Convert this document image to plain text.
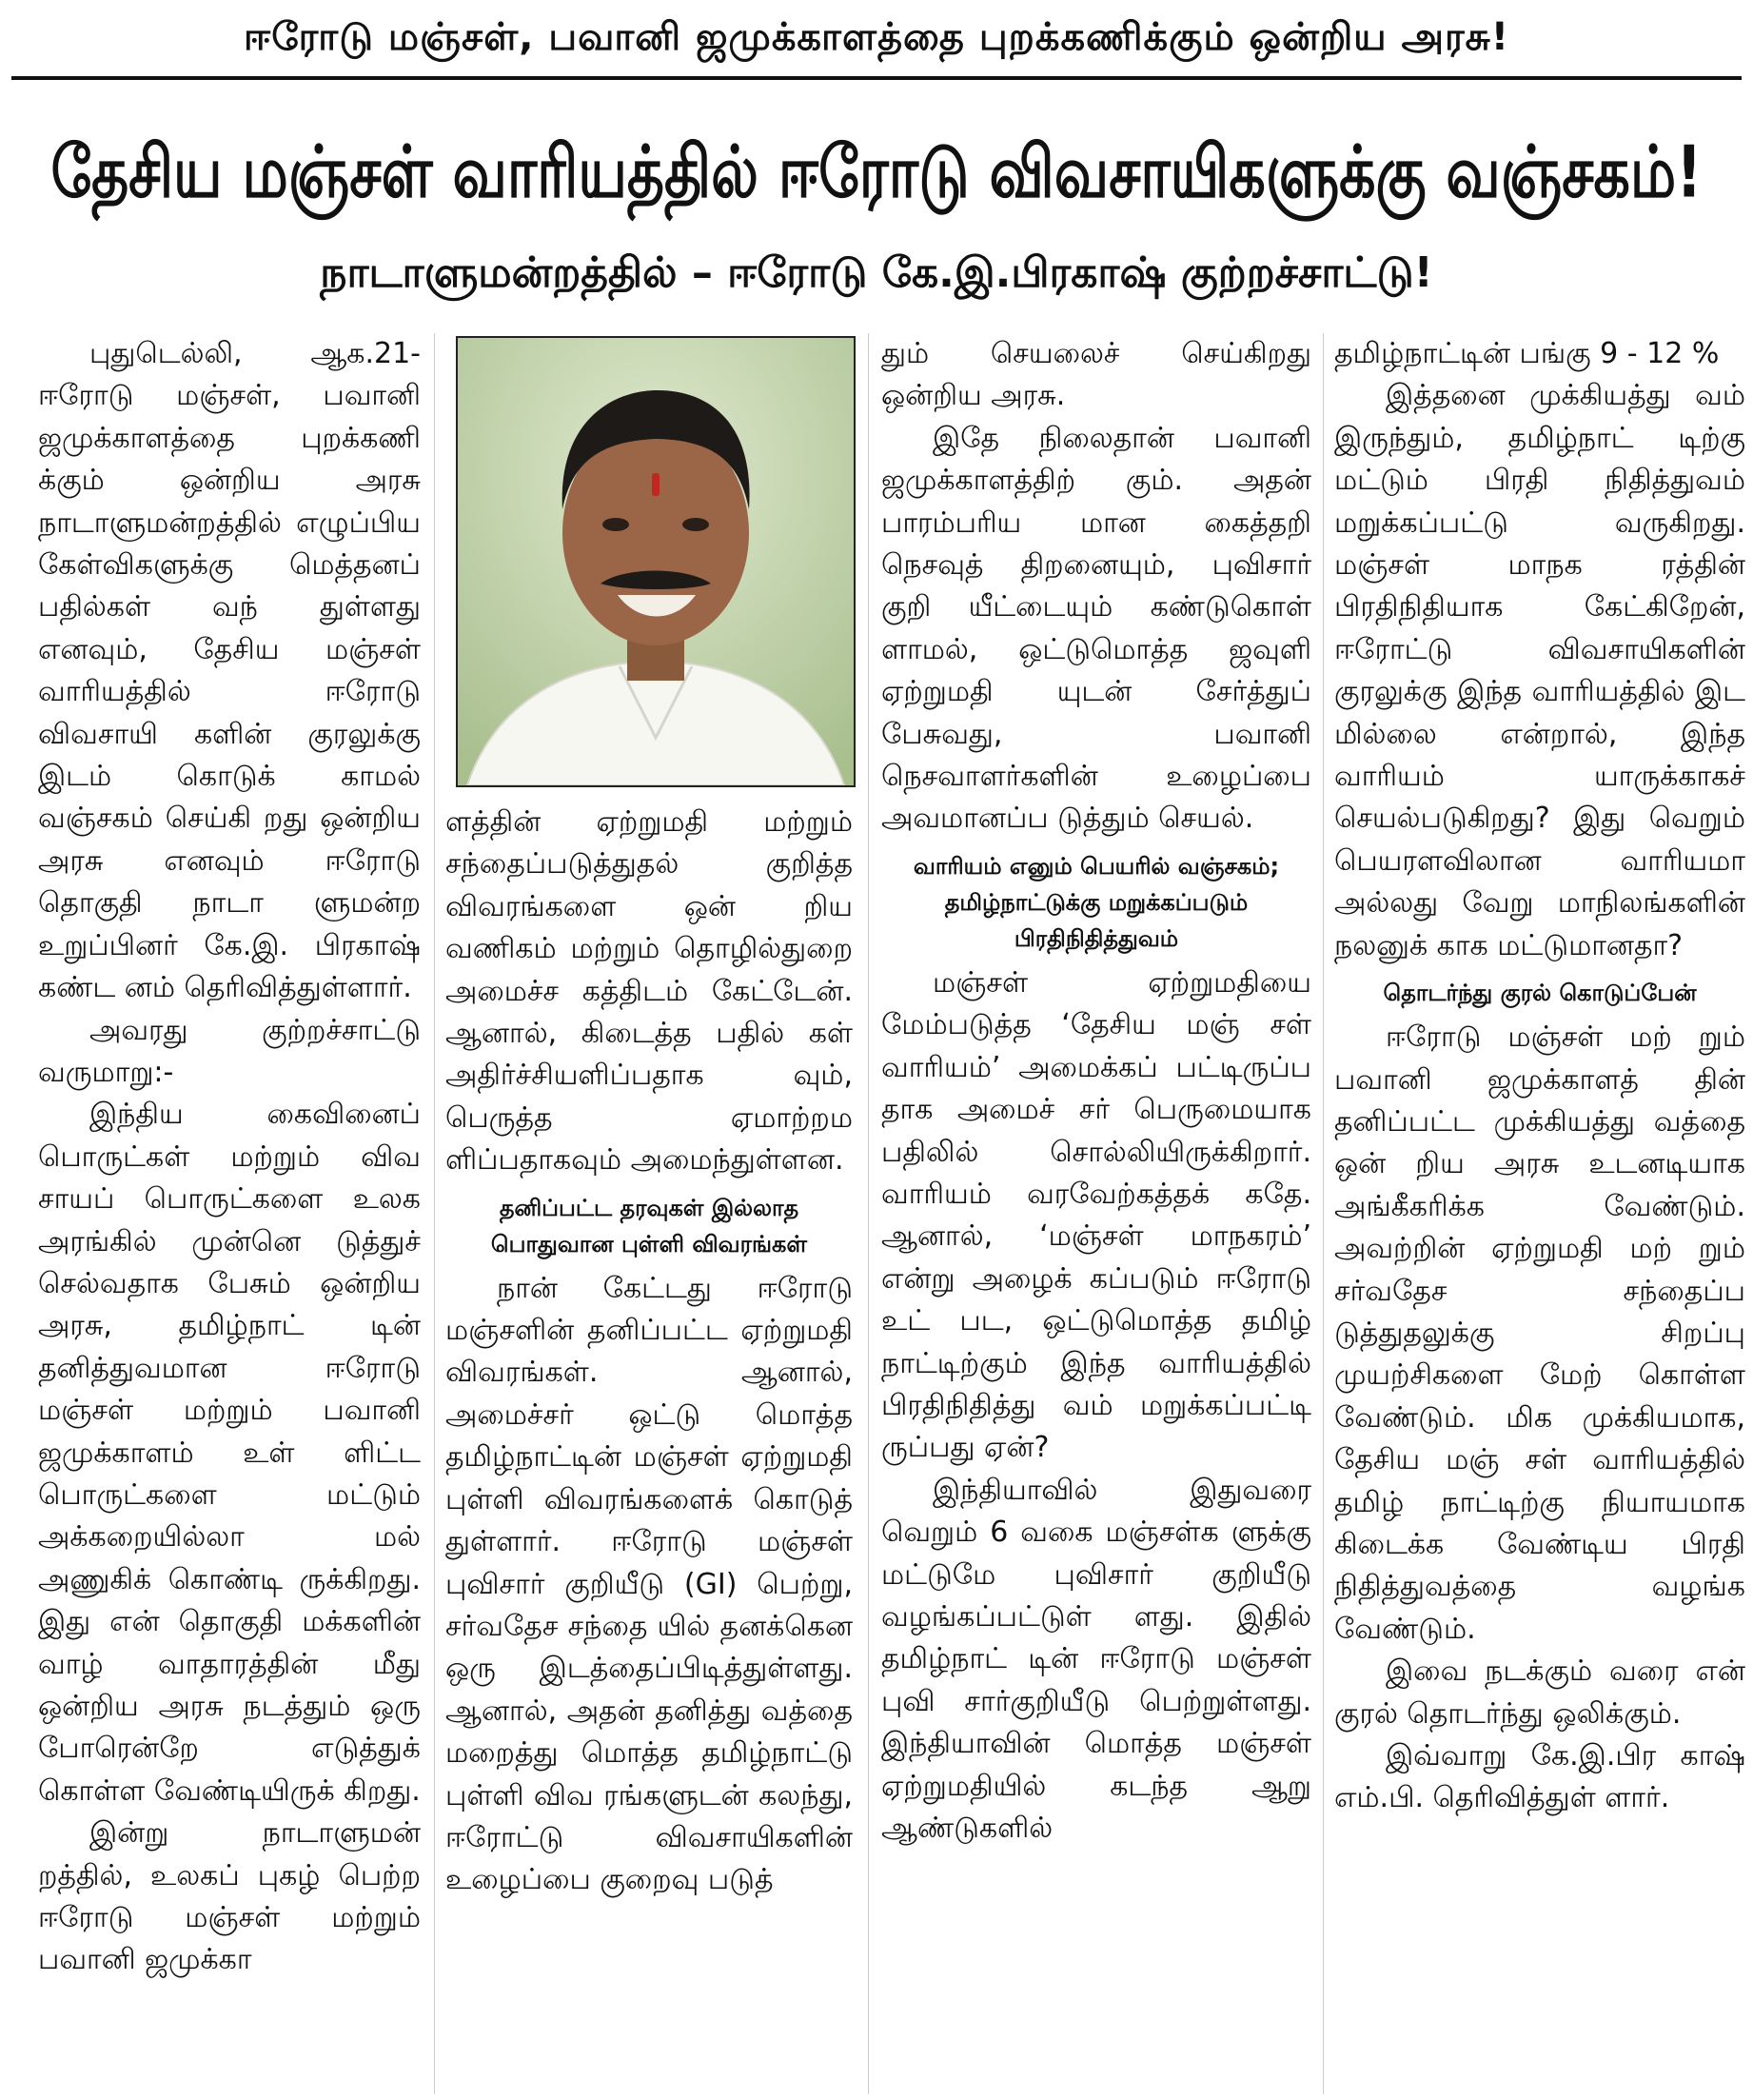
ஈரோடு மஞ்சள், பவானி ஜமுக்காளத்தை புறக்கணிக்கும் ஒன்றிய அரசு!
தேசிய மஞ்சள் வாரியத்தில் ஈரோடு விவசாயிகளுக்கு வஞ்சகம்!
நாடாளுமன்றத்தில் – ஈரோடு கே.இ.பிரகாஷ் குற்றச்சாட்டு!

புதுடெல்லி, ஆக.21- ஈரோடு மஞ்சள், பவானி ஜமுக்காளத்தை புறக்கணி க்கும் ஒன்றிய அரசு நாடாளுமன்றத்தில் எழுப்பிய கேள்விகளுக்கு மெத்தனப் பதில்கள் வந் துள்ளது எனவும், தேசிய மஞ்சள் வாரியத்தில் ஈரோடு விவசாயி களின் குரலுக்கு இடம் கொடுக் காமல் வஞ்சகம் செய்கி றது ஒன்றிய அரசு எனவும் ஈரோடு தொகுதி நாடா ளுமன்ற உறுப்பினர் கே.இ. பிரகாஷ் கண்ட னம் தெரிவித்துள்ளார்.

அவரது குற்றச்சாட்டு வருமாறு:-

இந்திய கைவினைப் பொருட்கள் மற்றும் விவ சாயப் பொருட்களை உலக அரங்கில் முன்னெ டுத்துச் செல்வதாக பேசும் ஒன்றிய அரசு, தமிழ்நாட் டின் தனித்துவமான ஈரோடு மஞ்சள் மற்றும் பவானி ஜமுக்காளம் உள் ளிட்ட பொருட்களை மட்டும் அக்கறையில்லா மல் அணுகிக் கொண்டி ருக்கிறது. இது என் தொகுதி மக்களின் வாழ் வாதாரத்தின் மீது ஒன்றிய அரசு நடத்தும் ஒரு போரென்றே எடுத்துக் கொள்ள வேண்டியிருக் கிறது.

இன்று நாடாளுமன் றத்தில், உலகப் புகழ் பெற்ற ஈரோடு மஞ்சள் மற்றும் பவானி ஜமுக்கா

ளத்தின் ஏற்றுமதி மற்றும் சந்தைப்படுத்துதல் குறித்த விவரங்களை ஒன் றிய வணிகம் மற்றும் தொழில்துறை அமைச்ச கத்திடம் கேட்டேன். ஆனால், கிடைத்த பதில் கள் அதிர்ச்சியளிப்பதாக வும், பெருத்த ஏமாற்றம ளிப்பதாகவும் அமைந்துள்ளன.

தனிப்பட்ட தரவுகள் இல்லாத பொதுவான புள்ளி விவரங்கள்

நான் கேட்டது ஈரோடு மஞ்சளின் தனிப்பட்ட ஏற்றுமதி விவரங்கள். ஆனால், அமைச்சர் ஒட்டு மொத்த தமிழ்நாட்டின் மஞ்சள் ஏற்றுமதி புள்ளி விவரங்களைக் கொடுத் துள்ளார். ஈரோடு மஞ்சள் புவிசார் குறியீடு (GI) பெற்று, சர்வதேச சந்தை யில் தனக்கென ஒரு இடத்தைப்பிடித்துள்ளது. ஆனால், அதன் தனித்து வத்தை மறைத்து மொத்த தமிழ்நாட்டு புள்ளி விவ ரங்களுடன் கலந்து, ஈரோட்டு விவசாயிகளின் உழைப்பை குறைவு படுத்

தும் செயலைச் செய்கிறது ஒன்றிய அரசு.

இதே நிலைதான் பவானி ஜமுக்காளத்திற் கும். அதன் பாரம்பரிய மான கைத்தறி நெசவுத் திறனையும், புவிசார் குறி யீட்டையும் கண்டுகொள் ளாமல், ஒட்டுமொத்த ஜவுளி ஏற்றுமதி யுடன் சேர்த்துப் பேசுவது, பவானி நெசவாளர்களின் உழைப்பை அவமானப்ப டுத்தும் செயல்.

வாரியம் எனும் பெயரில் வஞ்சகம்;
தமிழ்நாட்டுக்கு மறுக்கப்படும் பிரதிநிதித்துவம்

மஞ்சள் ஏற்றுமதியை மேம்படுத்த ‘தேசிய மஞ் சள் வாரியம்’ அமைக்கப் பட்டிருப்ப தாக அமைச் சர் பெருமையாக பதிலில் சொல்லியிருக்கிறார். வாரியம் வரவேற்கத்தக் கதே. ஆனால், ‘மஞ்சள் மாநகரம்’ என்று அழைக் கப்படும் ஈரோடு உட் பட, ஒட்டுமொத்த தமிழ் நாட்டிற்கும் இந்த வாரியத்தில் பிரதிநிதித்து வம் மறுக்கப்பட்டி ருப்பது ஏன்?

இந்தியாவில் இதுவரை வெறும் 6 வகை மஞ்சள்க ளுக்கு மட்டுமே புவிசார் குறியீடு வழங்கப்பட்டுள் ளது. இதில் தமிழ்நாட் டின் ஈரோடு மஞ்சள் புவி சார்குறியீடு பெற்றுள்ளது. இந்தியாவின் மொத்த மஞ்சள் ஏற்றுமதியில் கடந்த ஆறு ஆண்டுகளில்

தமிழ்நாட்டின் பங்கு 9 - 12 %

இத்தனை முக்கியத்து வம் இருந்தும், தமிழ்நாட் டிற்கு மட்டும் பிரதி நிதித்துவம் மறுக்கப்பட்டு வருகிறது. மஞ்சள் மாநக ரத்தின் பிரதிநிதியாக கேட்கிறேன், ஈரோட்டு விவசாயிகளின் குரலுக்கு இந்த வாரியத்தில் இட மில்லை என்றால், இந்த வாரியம் யாருக்காகச் செயல்படுகிறது? இது வெறும் பெயரளவிலான வாரியமா அல்லது வேறு மாநிலங்களின் நலனுக் காக மட்டுமானதா?

தொடர்ந்து குரல் கொடுப்பேன்

ஈரோடு மஞ்சள் மற் றும் பவானி ஜமுக்காளத் தின் தனிப்பட்ட முக்கியத்து வத்தை ஒன் றிய அரசு உடனடியாக அங்கீகரிக்க வேண்டும். அவற்றின் ஏற்றுமதி மற் றும் சர்வதேச சந்தைப்ப டுத்துதலுக்கு சிறப்பு முயற்சிகளை மேற் கொள்ள வேண்டும். மிக முக்கியமாக, தேசிய மஞ் சள் வாரியத்தில் தமிழ் நாட்டிற்கு நியாயமாக கிடைக்க வேண்டிய பிரதி நிதித்துவத்தை வழங்க வேண்டும்.

இவை நடக்கும் வரை என் குரல் தொடர்ந்து ஒலிக்கும்.

இவ்வாறு கே.இ.பிர காஷ் எம்.பி. தெரிவித்துள் ளார்.
